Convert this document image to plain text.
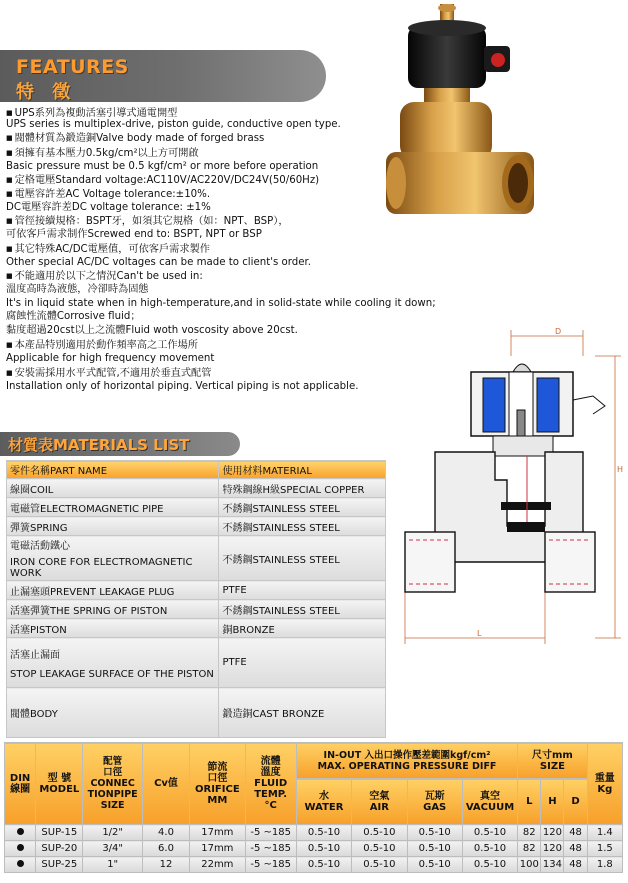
FEATURES
特 徵
■ UPS系列為複動活塞引導式通電開型
UPS series is multiplex-drive, piston guide, conductive open type.
■ 閥體材質為鍛造銅Valve body made of forged brass
■ 須擁有基本壓力0.5kg/cm²以上方可開啟
Basic pressure must be 0.5 kgf/cm² or more before operation
■ 定格電壓Standard voltage:AC110V/AC220V/DC24V(50/60Hz)
■ 電壓容許差AC Voltage tolerance:±10%.
DC電壓容許差DC voltage tolerance: ±1%
■ 管徑接續規格：BSPT牙，如須其它規格（如：NPT、BSP），
可依客戶需求制作Screwed end to: BSPT, NPT or BSP
■ 其它特殊AC/DC電壓值，可依客戶需求製作
Other special AC/DC voltages can be made to client's order.
■ 不能適用於以下之情況Can't be used in:
溫度高時為液態，冷卻時為固態
It's in liquid state when in high-temperature,and in solid-state while cooling it down;
腐蝕性流體Corrosive fluid；
黏度超過20cst以上之流體Fluid woth voscosity above 20cst.
■ 本產品特別適用於動作頻率高之工作場所
Applicable for high frequency movement
■ 安裝需採用水平式配管,不適用於垂直式配管
Installation only of horizontal piping. Vertical piping is not applicable.
材質表MATERIALS LIST
零件名稱PART NAME	使用材料MATERIAL
線圈COIL	特殊鋼線H級SPECIAL COPPER
電磁管ELECTROMAGNETIC PIPE	不銹鋼STAINLESS STEEL
彈簧SPRING	不銹鋼STAINLESS STEEL

電磁活動鐵心
IRON CORE FOR ELECTROMAGNETIC WORK	不銹鋼STAINLESS STEEL
止漏塞頭PREVENT LEAKAGE PLUG	PTFE
活塞彈簧THE SPRING OF PISTON	不銹鋼STAINLESS STEEL
活塞PISTON	銅BRONZE

活塞止漏面
STOP LEAKAGE SURFACE OF THE PISTON	PTFE
閥體BODY	鍛造銅CAST BRONZE
D
H
L
DIN
線圈	型 號
MODEL	配管
口徑
CONNEC
TIONPIPE
SIZE	Cv值	節流
口徑
ORIFICE
MM	流體
溫度
FLUID
TEMP.
°C	IN-OUT 入出口操作壓差範圍kgf/cm²
MAX. OPERATING PRESSURE DIFF				尺寸mm
SIZE			重量
Kg
						水
WATER	空氣
AIR	瓦斯
GAS	真空
VACUUM	L	H	D	
	SUP-15	1/2"	4.0	17mm	-5 ~185	0.5-10	0.5-10	0.5-10	0.5-10	82	120	48	1.4
	SUP-20	3/4"	6.0	17mm	-5 ~185	0.5-10	0.5-10	0.5-10	0.5-10	82	120	48	1.5
	SUP-25	1"	12	22mm	-5 ~185	0.5-10	0.5-10	0.5-10	0.5-10	100	134	48	1.8
